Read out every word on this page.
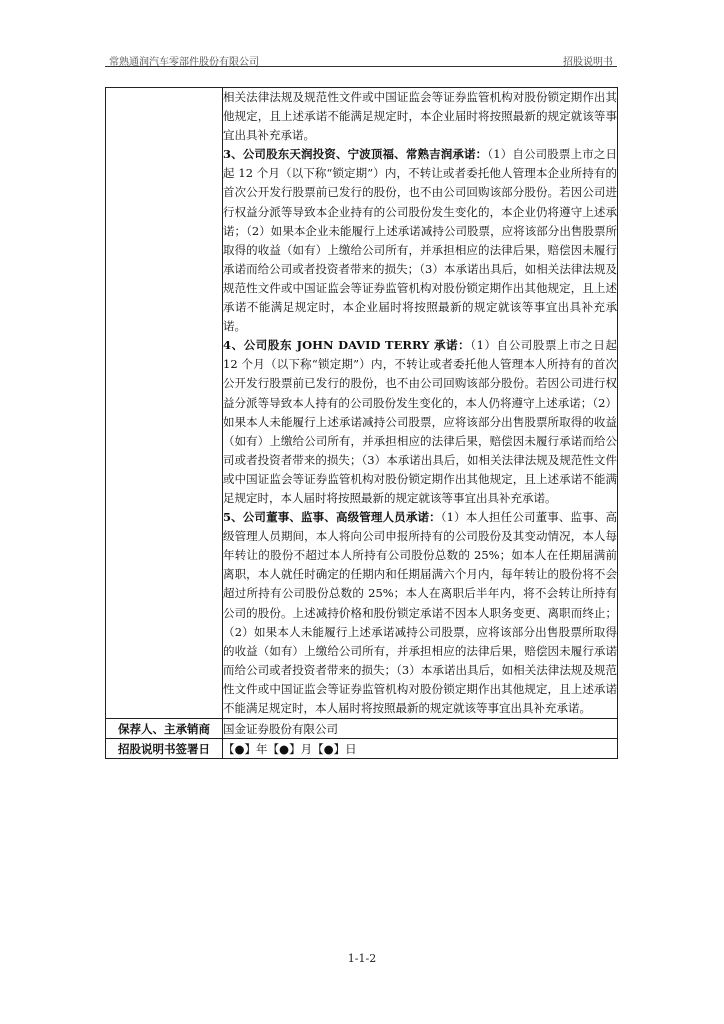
常熟通润汽车零部件股份有限公司	招股说明书

	相关法律法规及规范性文件或中国证监会等证券监管机构对股份锁定期作出其他规定，且上述承诺不能满足规定时，本企业届时将按照最新的规定就该等事宜出具补充承诺。

3、公司股东天润投资、宁波顶福、常熟吉润承诺：（1）自公司股票上市之日起 12 个月（以下称“锁定期”）内，不转让或者委托他人管理本企业所持有的首次公开发行股票前已发行的股份，也不由公司回购该部分股份。若因公司进行权益分派等导致本企业持有的公司股份发生变化的，本企业仍将遵守上述承诺；（2）如果本企业未能履行上述承诺减持公司股票，应将该部分出售股票所取得的收益（如有）上缴给公司所有，并承担相应的法律后果，赔偿因未履行承诺而给公司或者投资者带来的损失；（3）本承诺出具后，如相关法律法规及规范性文件或中国证监会等证券监管机构对股份锁定期作出其他规定，且上述承诺不能满足规定时，本企业届时将按照最新的规定就该等事宜出具补充承诺。

4、公司股东 JOHN DAVID TERRY 承诺：（1）自公司股票上市之日起 12 个月（以下称“锁定期”）内，不转让或者委托他人管理本人所持有的首次公开发行股票前已发行的股份，也不由公司回购该部分股份。若因公司进行权益分派等导致本人持有的公司股份发生变化的，本人仍将遵守上述承诺；（2）如果本人未能履行上述承诺减持公司股票，应将该部分出售股票所取得的收益（如有）上缴给公司所有，并承担相应的法律后果，赔偿因未履行承诺而给公司或者投资者带来的损失；（3）本承诺出具后，如相关法律法规及规范性文件或中国证监会等证券监管机构对股份锁定期作出其他规定，且上述承诺不能满足规定时，本人届时将按照最新的规定就该等事宜出具补充承诺。

5、公司董事、监事、高级管理人员承诺：（1）本人担任公司董事、监事、高级管理人员期间，本人将向公司申报所持有的公司股份及其变动情况，本人每年转让的股份不超过本人所持有公司股份总数的 25%；如本人在任期届满前离职，本人就任时确定的任期内和任期届满六个月内，每年转让的股份将不会超过所持有公司股份总数的 25%；本人在离职后半年内，将不会转让所持有公司的股份。上述减持价格和股份锁定承诺不因本人职务变更、离职而终止；（2）如果本人未能履行上述承诺减持公司股票，应将该部分出售股票所取得的收益（如有）上缴给公司所有，并承担相应的法律后果，赔偿因未履行承诺而给公司或者投资者带来的损失；（3）本承诺出具后，如相关法律法规及规范性文件或中国证监会等证券监管机构对股份锁定期作出其他规定，且上述承诺不能满足规定时，本人届时将按照最新的规定就该等事宜出具补充承诺。

保荐人、主承销商	国金证券股份有限公司
招股说明书签署日	【●】年【●】月【●】日
1-1-2
